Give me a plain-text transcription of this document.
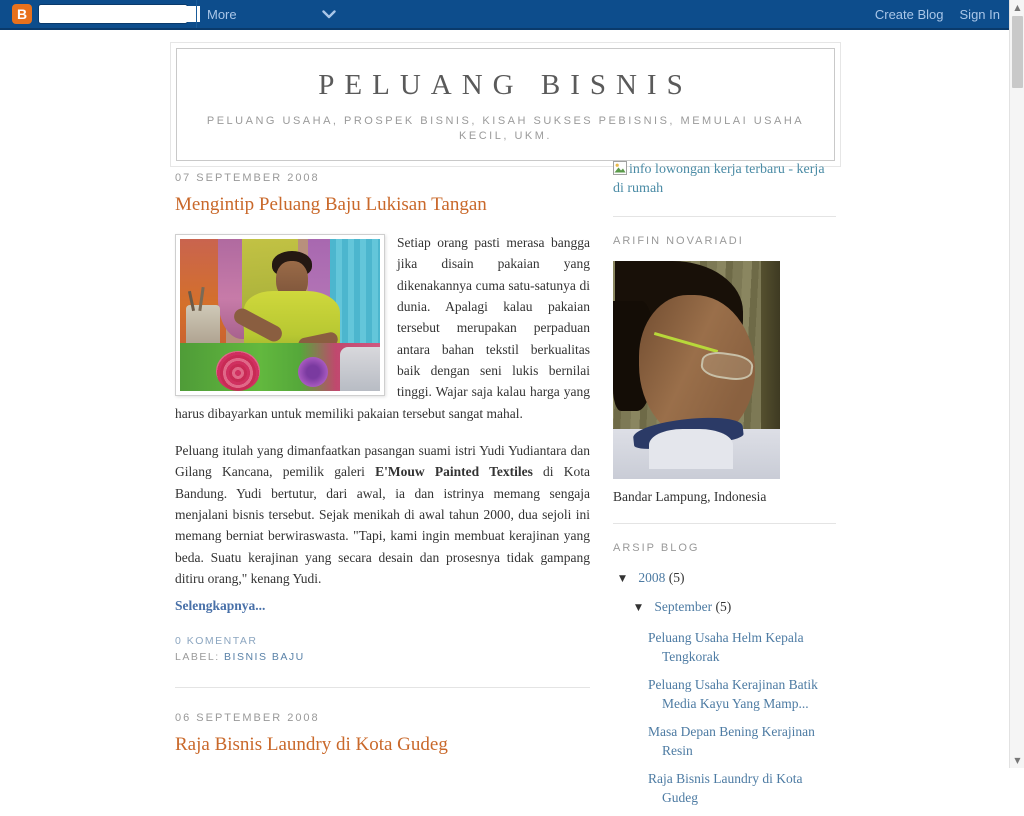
B	More	Create Blog Sign In	▲
▼
PELUANG BISNIS
PELUANG USAHA, PROSPEK BISNIS, KISAH SUKSES PEBISNIS, MEMULAI USAHA KECIL, UKM.
07 SEPTEMBER 2008
Mengintip Peluang Baju Lukisan Tangan

Setiap orang pasti merasa bangga jika disain pakaian yang dikenakannya cuma satu-satunya di dunia. Apalagi kalau pakaian tersebut merupakan perpaduan antara bahan tekstil berkualitas baik dengan seni lukis bernilai tinggi. Wajar saja kalau harga yang harus dibayarkan untuk memiliki pakaian tersebut sangat mahal.

Peluang itulah yang dimanfaatkan pasangan suami istri Yudi Yudiantara dan Gilang Kancana, pemilik galeri E'Mouw Painted Textiles di Kota Bandung. Yudi bertutur, dari awal, ia dan istrinya memang sengaja menjalani bisnis tersebut. Sejak menikah di awal tahun 2000, dua sejoli ini memang berniat berwiraswasta. "Tapi, kami ingin membuat kerajinan yang beda. Suatu kerajinan yang secara desain dan prosesnya tidak gampang ditiru orang," kenang Yudi.

Selengkapnya...
0 KOMENTAR
LABEL: BISNIS BAJU
06 SEPTEMBER 2008
Raja Bisnis Laundry di Kota Gudeg
info lowongan kerja terbaru - kerja di rumah
ARIFIN NOVARIADI
Bandar Lampung, Indonesia
ARSIP BLOG
▼ 2008 (5)
▼ September (5)
Peluang Usaha Helm Kepala Tengkorak
Peluang Usaha Kerajinan Batik Media Kayu Yang Mamp...
Masa Depan Bening Kerajinan Resin
Raja Bisnis Laundry di Kota Gudeg
